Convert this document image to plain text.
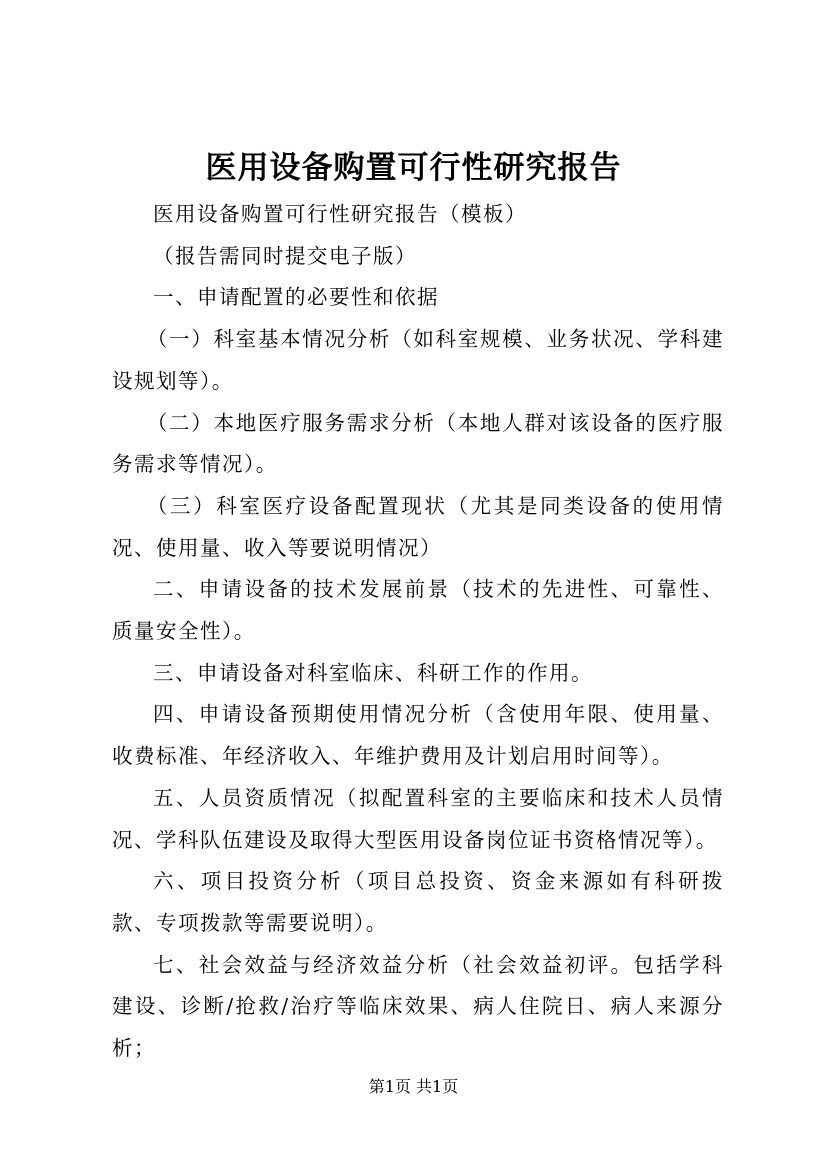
医用设备购置可行性研究报告

医用设备购置可行性研究报告（模板）

（报告需同时提交电子版）

一、申请配置的必要性和依据

（一）科室基本情况分析（如科室规模、业务状况、学科建设规划等）。

（二）本地医疗服务需求分析（本地人群对该设备的医疗服务需求等情况）。

（三）科室医疗设备配置现状（尤其是同类设备的使用情况、使用量、收入等要说明情况）

二、申请设备的技术发展前景（技术的先进性、可靠性、质量安全性）。

三、申请设备对科室临床、科研工作的作用。

四、申请设备预期使用情况分析（含使用年限、使用量、收费标准、年经济收入、年维护费用及计划启用时间等）。

五、人员资质情况（拟配置科室的主要临床和技术人员情况、学科队伍建设及取得大型医用设备岗位证书资格情况等）。

六、项目投资分析（项目总投资、资金来源如有科研拨款、专项拨款等需要说明）。

七、社会效益与经济效益分析（社会效益初评。包括学科建设、诊断/抢救/治疗等临床效果、病人住院日、病人来源分析；

第1页 共1页
